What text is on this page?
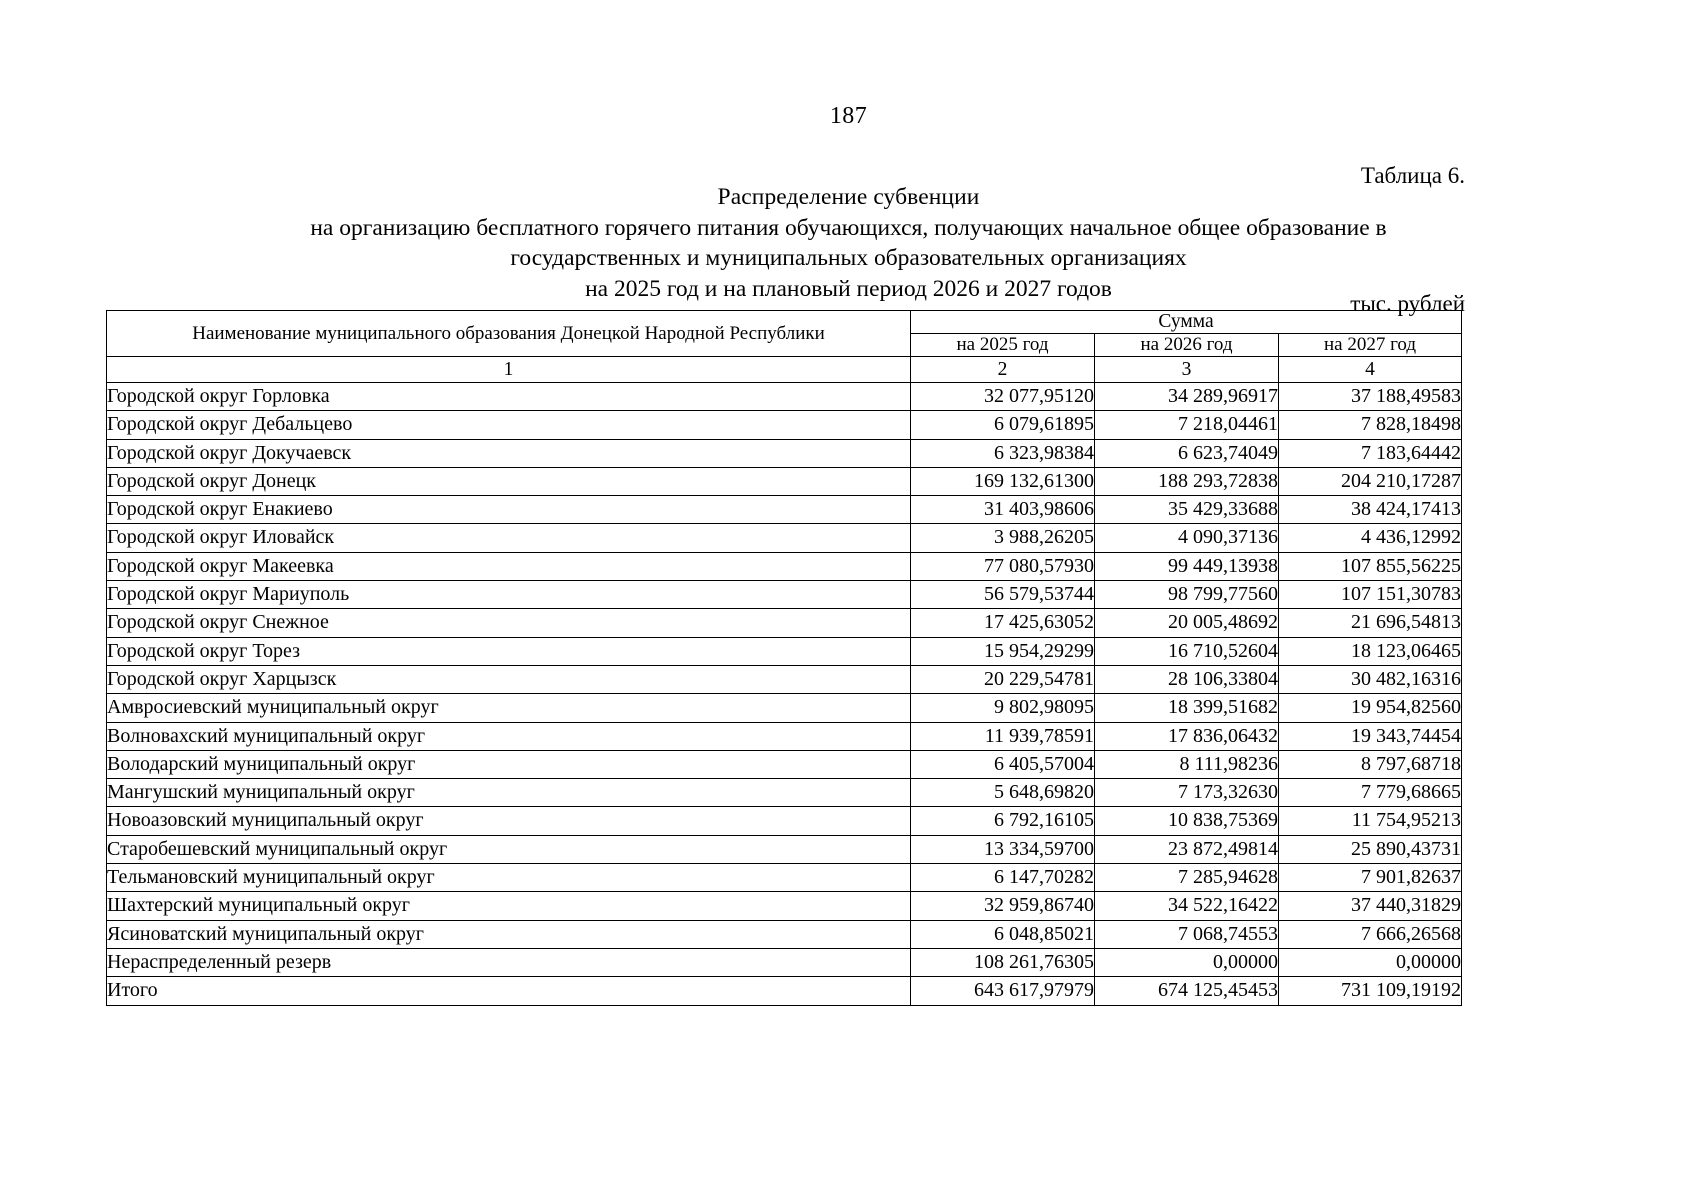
187
Таблица 6.
Распределение субвенции
на организацию бесплатного горячего питания обучающихся, получающих начальное общее образование в
государственных и муниципальных образовательных организациях
на 2025 год и на плановый период 2026 и 2027 годов
тыс. рублей
Наименование муниципального образования Донецкой Народной Республики	Сумма		
	на 2025 год	на 2026 год	на 2027 год
1	2	3	4
Городской округ Горловка	32 077,95120	34 289,96917	37 188,49583
Городской округ Дебальцево	6 079,61895	7 218,04461	7 828,18498
Городской округ Докучаевск	6 323,98384	6 623,74049	7 183,64442
Городской округ Донецк	169 132,61300	188 293,72838	204 210,17287
Городской округ Енакиево	31 403,98606	35 429,33688	38 424,17413
Городской округ Иловайск	3 988,26205	4 090,37136	4 436,12992
Городской округ Макеевка	77 080,57930	99 449,13938	107 855,56225
Городской округ Мариуполь	56 579,53744	98 799,77560	107 151,30783
Городской округ Снежное	17 425,63052	20 005,48692	21 696,54813
Городской округ Торез	15 954,29299	16 710,52604	18 123,06465
Городской округ Харцызск	20 229,54781	28 106,33804	30 482,16316
Амвросиевский муниципальный округ	9 802,98095	18 399,51682	19 954,82560
Волновахский муниципальный округ	11 939,78591	17 836,06432	19 343,74454
Володарский муниципальный округ	6 405,57004	8 111,98236	8 797,68718
Мангушский муниципальный округ	5 648,69820	7 173,32630	7 779,68665
Новоазовский муниципальный округ	6 792,16105	10 838,75369	11 754,95213
Старобешевский муниципальный округ	13 334,59700	23 872,49814	25 890,43731
Тельмановский муниципальный округ	6 147,70282	7 285,94628	7 901,82637
Шахтерский муниципальный округ	32 959,86740	34 522,16422	37 440,31829
Ясиноватский муниципальный округ	6 048,85021	7 068,74553	7 666,26568
Нераспределенный резерв	108 261,76305	0,00000	0,00000
Итого	643 617,97979	674 125,45453	731 109,19192
